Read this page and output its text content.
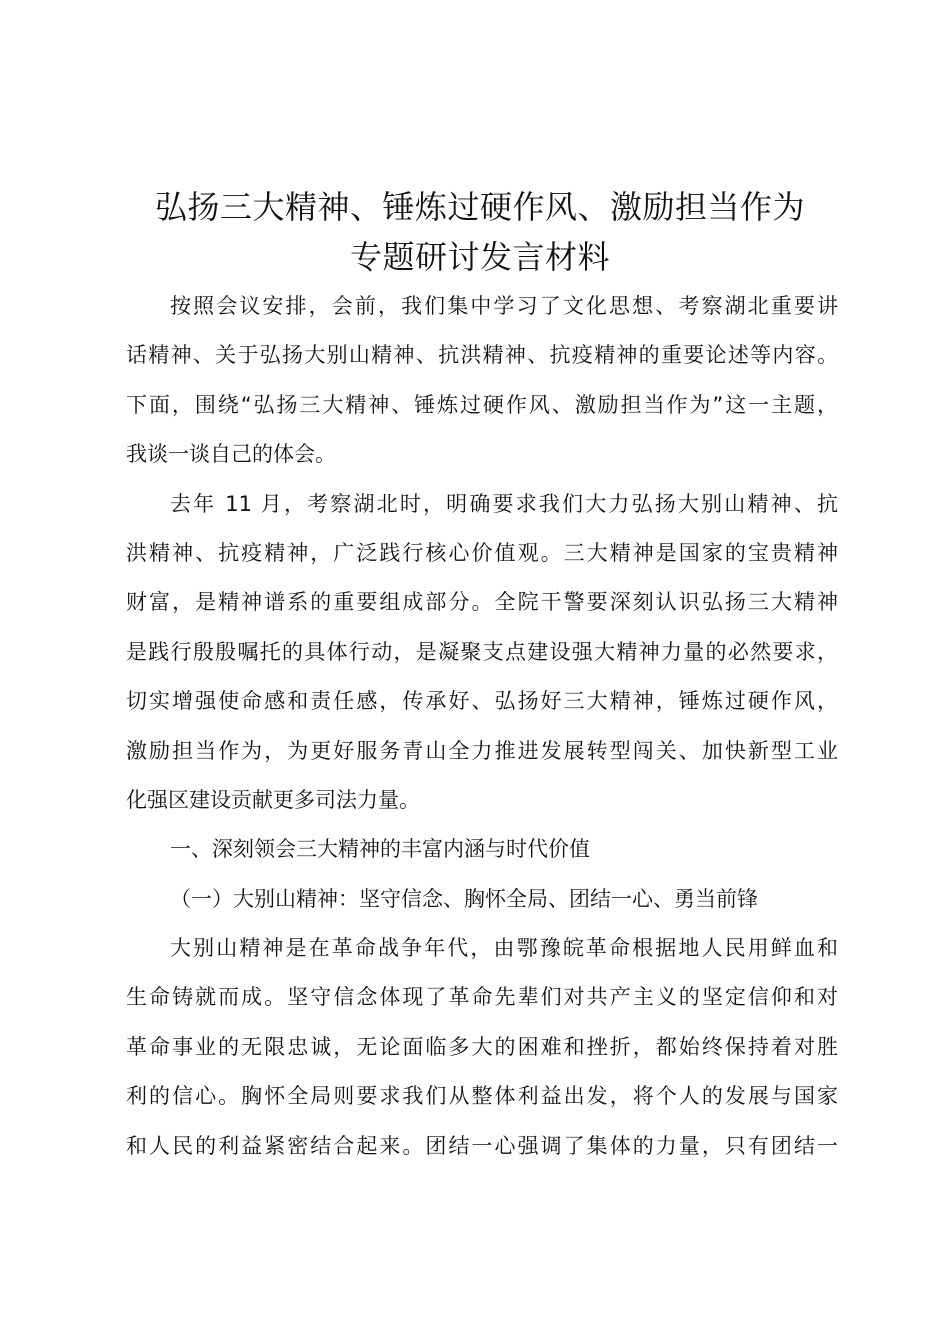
弘扬三大精神、锤炼过硬作风、激励担当作为
专题研讨发言材料
按照会议安排，会前，我们集中学习了文化思想、考察湖北重要讲
话精神、关于弘扬大别山精神、抗洪精神、抗疫精神的重要论述等内容。
下面，围绕“弘扬三大精神、锤炼过硬作风、激励担当作为”这一主题，
我谈一谈自己的体会。
去年 11 月，考察湖北时，明确要求我们大力弘扬大别山精神、抗
洪精神、抗疫精神，广泛践行核心价值观。三大精神是国家的宝贵精神
财富，是精神谱系的重要组成部分。全院干警要深刻认识弘扬三大精神
是践行殷殷嘱托的具体行动，是凝聚支点建设强大精神力量的必然要求，
切实增强使命感和责任感，传承好、弘扬好三大精神，锤炼过硬作风，
激励担当作为，为更好服务青山全力推进发展转型闯关、加快新型工业
化强区建设贡献更多司法力量。
一、深刻领会三大精神的丰富内涵与时代价值
（一）大别山精神：坚守信念、胸怀全局、团结一心、勇当前锋
大别山精神是在革命战争年代，由鄂豫皖革命根据地人民用鲜血和
生命铸就而成。坚守信念体现了革命先辈们对共产主义的坚定信仰和对
革命事业的无限忠诚，无论面临多大的困难和挫折，都始终保持着对胜
利的信心。胸怀全局则要求我们从整体利益出发，将个人的发展与国家
和人民的利益紧密结合起来。团结一心强调了集体的力量，只有团结一
